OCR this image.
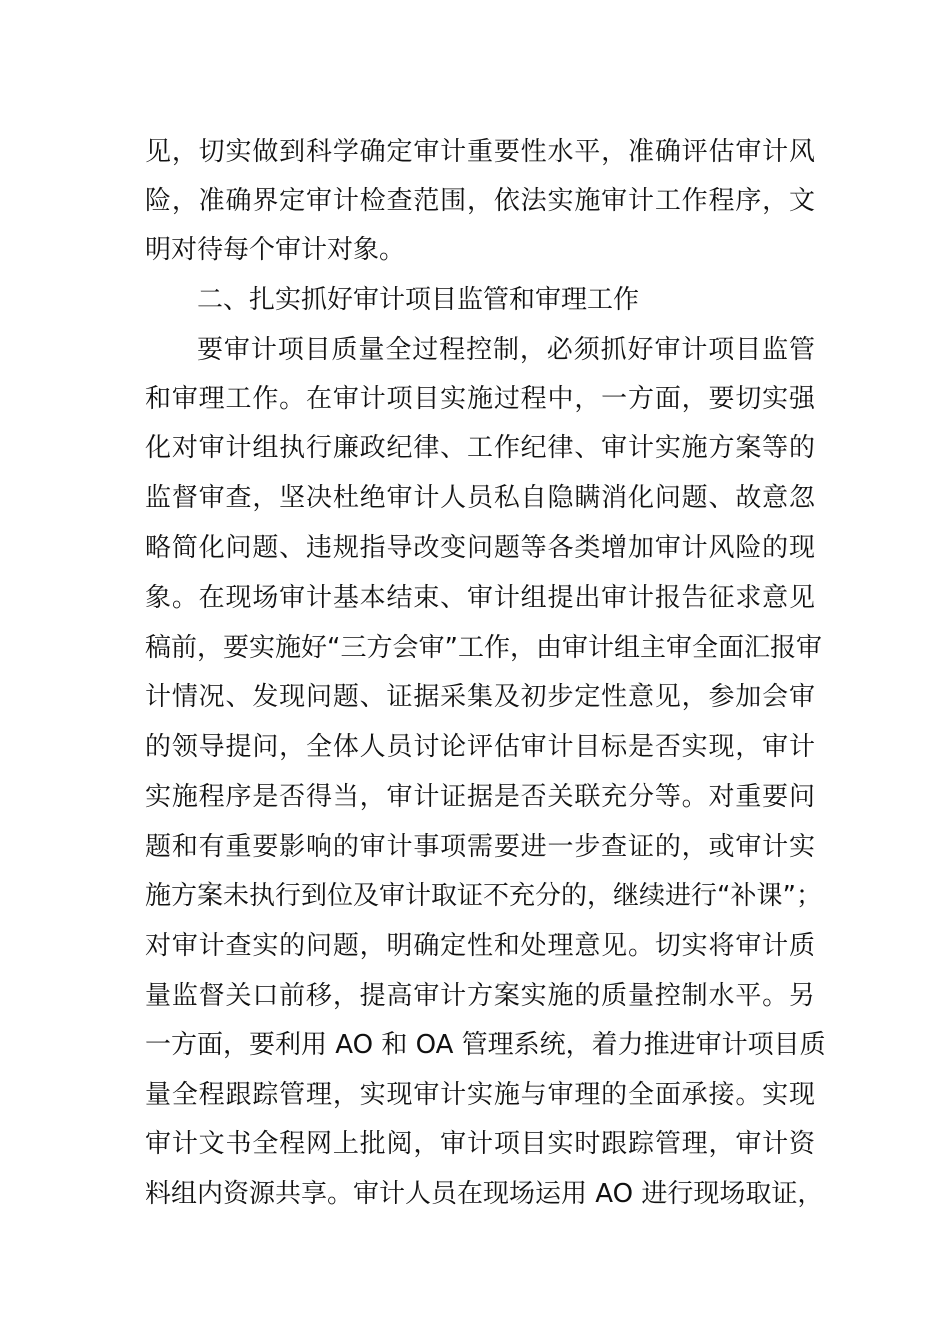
见，切实做到科学确定审计重要性水平，准确评估审计风
险，准确界定审计检查范围，依法实施审计工作程序，文
明对待每个审计对象。
二、扎实抓好审计项目监管和审理工作
要审计项目质量全过程控制，必须抓好审计项目监管
和审理工作。在审计项目实施过程中，一方面，要切实强
化对审计组执行廉政纪律、工作纪律、审计实施方案等的
监督审查，坚决杜绝审计人员私自隐瞒消化问题、故意忽
略简化问题、违规指导改变问题等各类增加审计风险的现
象。在现场审计基本结束、审计组提出审计报告征求意见
稿前，要实施好“三方会审”工作，由审计组主审全面汇报审
计情况、发现问题、证据采集及初步定性意见，参加会审
的领导提问，全体人员讨论评估审计目标是否实现，审计
实施程序是否得当，审计证据是否关联充分等。对重要问
题和有重要影响的审计事项需要进一步查证的，或审计实
施方案未执行到位及审计取证不充分的，继续进行“补课”；
对审计查实的问题，明确定性和处理意见。切实将审计质
量监督关口前移，提高审计方案实施的质量控制水平。另
一方面，要利用 AO 和 OA 管理系统，着力推进审计项目质
量全程跟踪管理，实现审计实施与审理的全面承接。实现
审计文书全程网上批阅，审计项目实时跟踪管理，审计资
料组内资源共享。审计人员在现场运用 AO 进行现场取证，
